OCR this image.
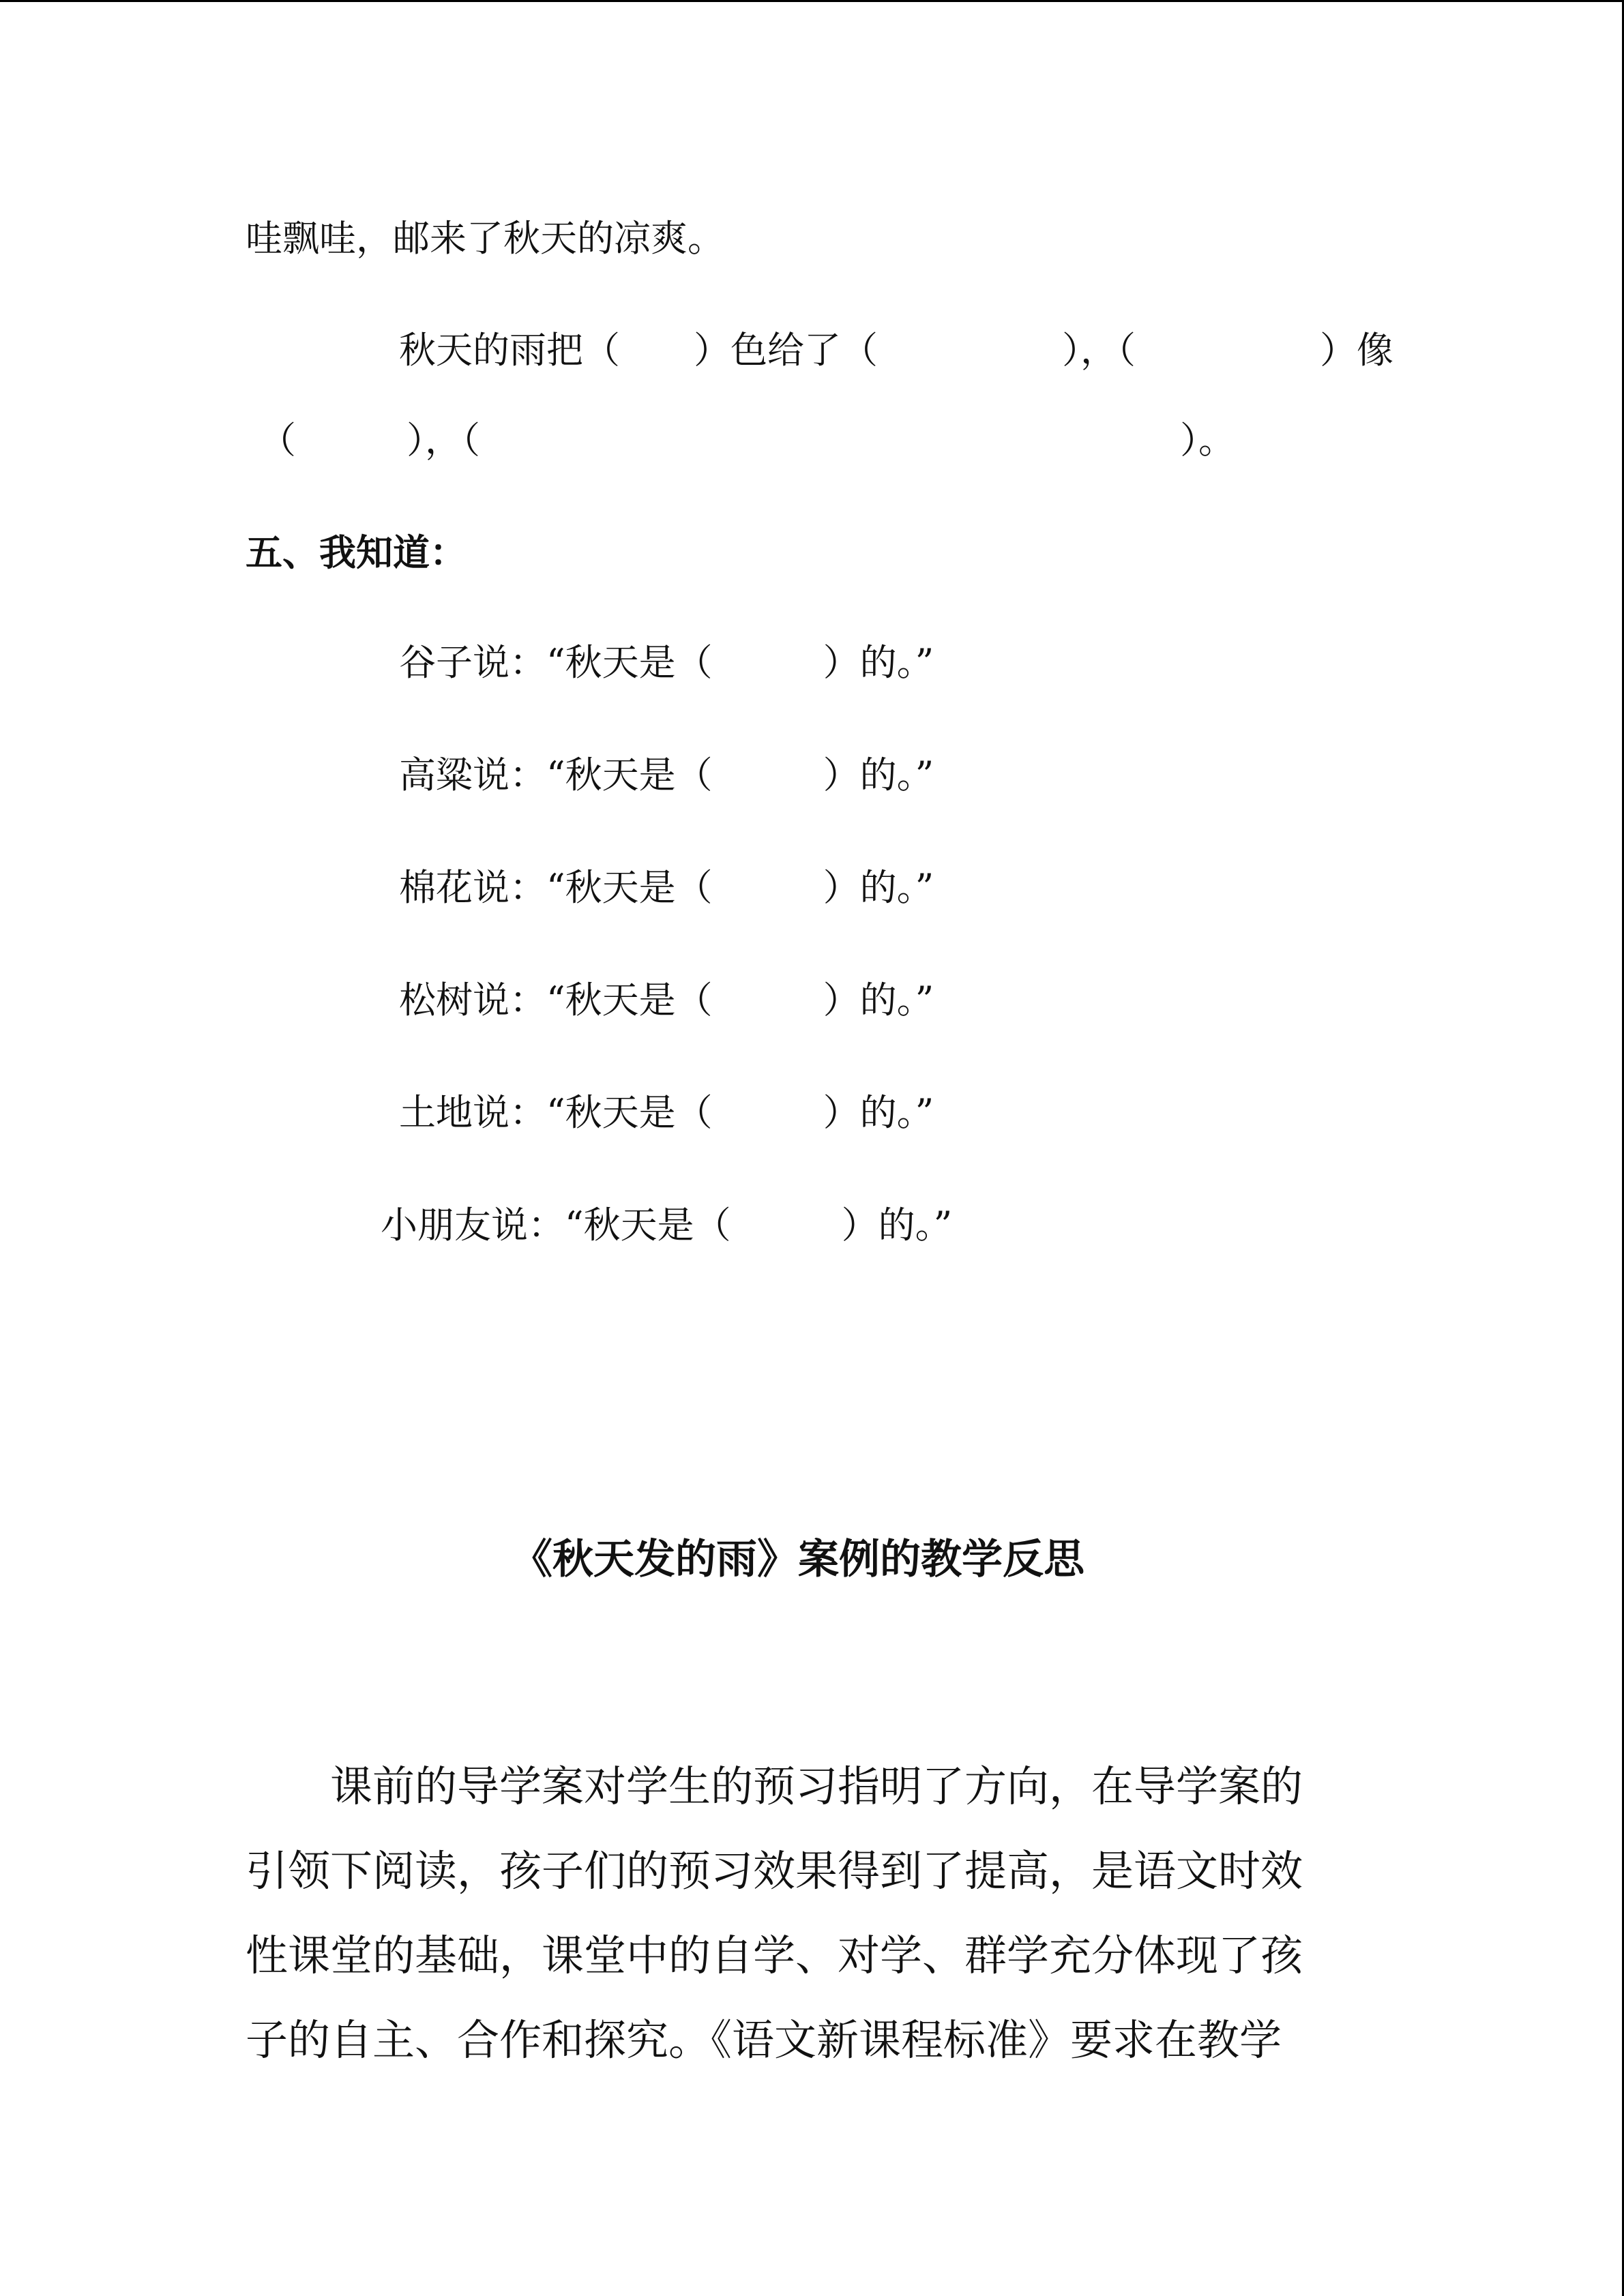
哇飘哇，邮来了秋天的凉爽。
秋天的雨把（　　）色给了（　　　　　），（　　　　　）像
（　　　），（　　　　　　　　　　　　　　　　　　　）。
五、我知道：
谷子说：“秋天是（　　　）的。”
高粱说：“秋天是（　　　）的。”
棉花说：“秋天是（　　　）的。”
松树说：“秋天是（　　　）的。”
土地说：“秋天是（　　　）的。”
小朋友说：“秋天是（　　　）的。”
《秋天发的雨》案例的教学反思
　　课前的导学案对学生的预习指明了方向，在导学案的
引领下阅读，孩子们的预习效果得到了提高，是语文时效
性课堂的基础，课堂中的自学、对学、群学充分体现了孩
子的自主、合作和探究。《语文新课程标准》要求在教学
